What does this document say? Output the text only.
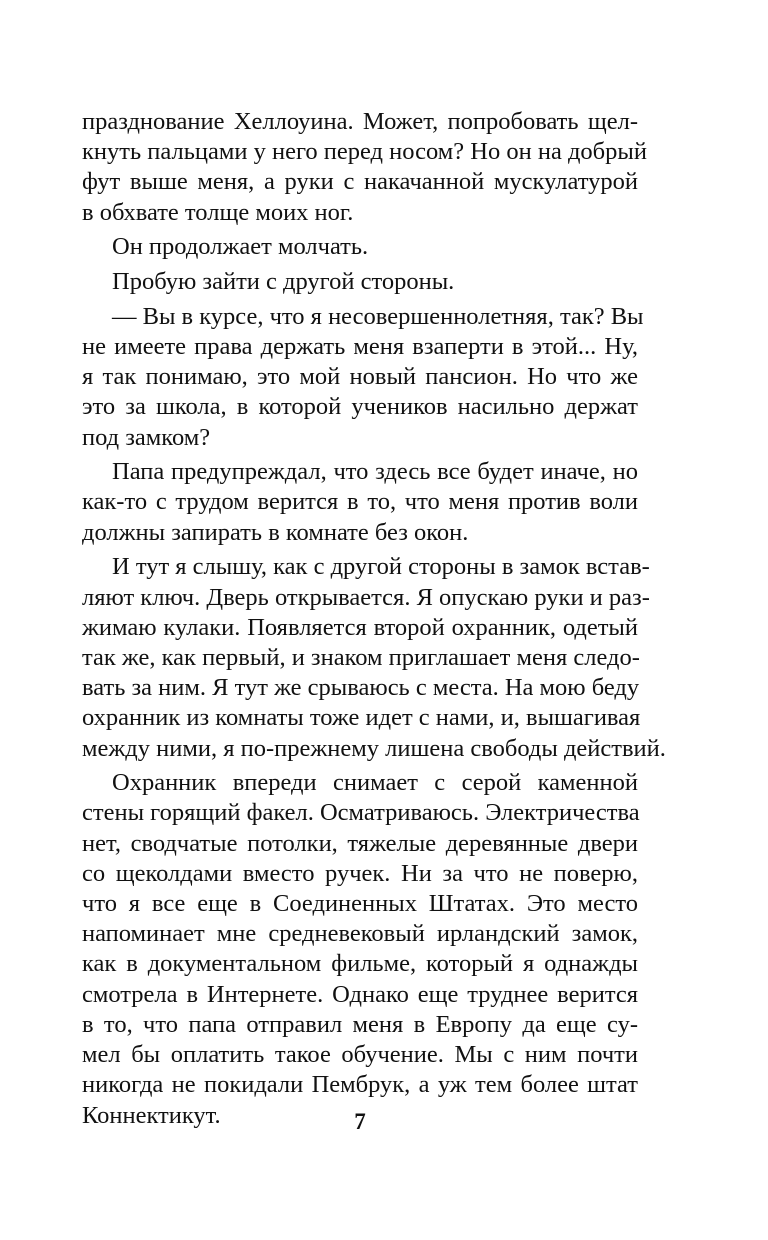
празднование Хеллоуина. Может, попробовать щел-
кнуть пальцами у него перед носом? Но он на добрый
фут выше меня, а руки с накачанной мускулатурой
в обхвате толще моих ног.

Он продолжает молчать.

Пробую зайти с другой стороны.

— Вы в курсе, что я несовершеннолетняя, так? Вы
не имеете права держать меня взаперти в этой... Ну,
я так понимаю, это мой новый пансион. Но что же
это за школа, в которой учеников насильно держат
под замком?

Папа предупреждал, что здесь все будет иначе, но
как-то с трудом верится в то, что меня против воли
должны запирать в комнате без окон.

И тут я слышу, как с другой стороны в замок встав-
ляют ключ. Дверь открывается. Я опускаю руки и раз-
жимаю кулаки. Появляется второй охранник, одетый
так же, как первый, и знаком приглашает меня следо-
вать за ним. Я тут же срываюсь с места. На мою беду
охранник из комнаты тоже идет с нами, и, вышагивая
между ними, я по-прежнему лишена свободы действий.

Охранник впереди снимает с серой каменной
стены горящий факел. Осматриваюсь. Электричества
нет, сводчатые потолки, тяжелые деревянные двери
со щеколдами вместо ручек. Ни за что не поверю,
что я все еще в Соединенных Штатах. Это место
напоминает мне средневековый ирландский замок,
как в документальном фильме, который я однажды
смотрела в Интернете. Однако еще труднее верится
в то, что папа отправил меня в Европу да еще су-
мел бы оплатить такое обучение. Мы с ним почти
никогда не покидали Пембрук, а уж тем более штат
Коннектикут.	7
